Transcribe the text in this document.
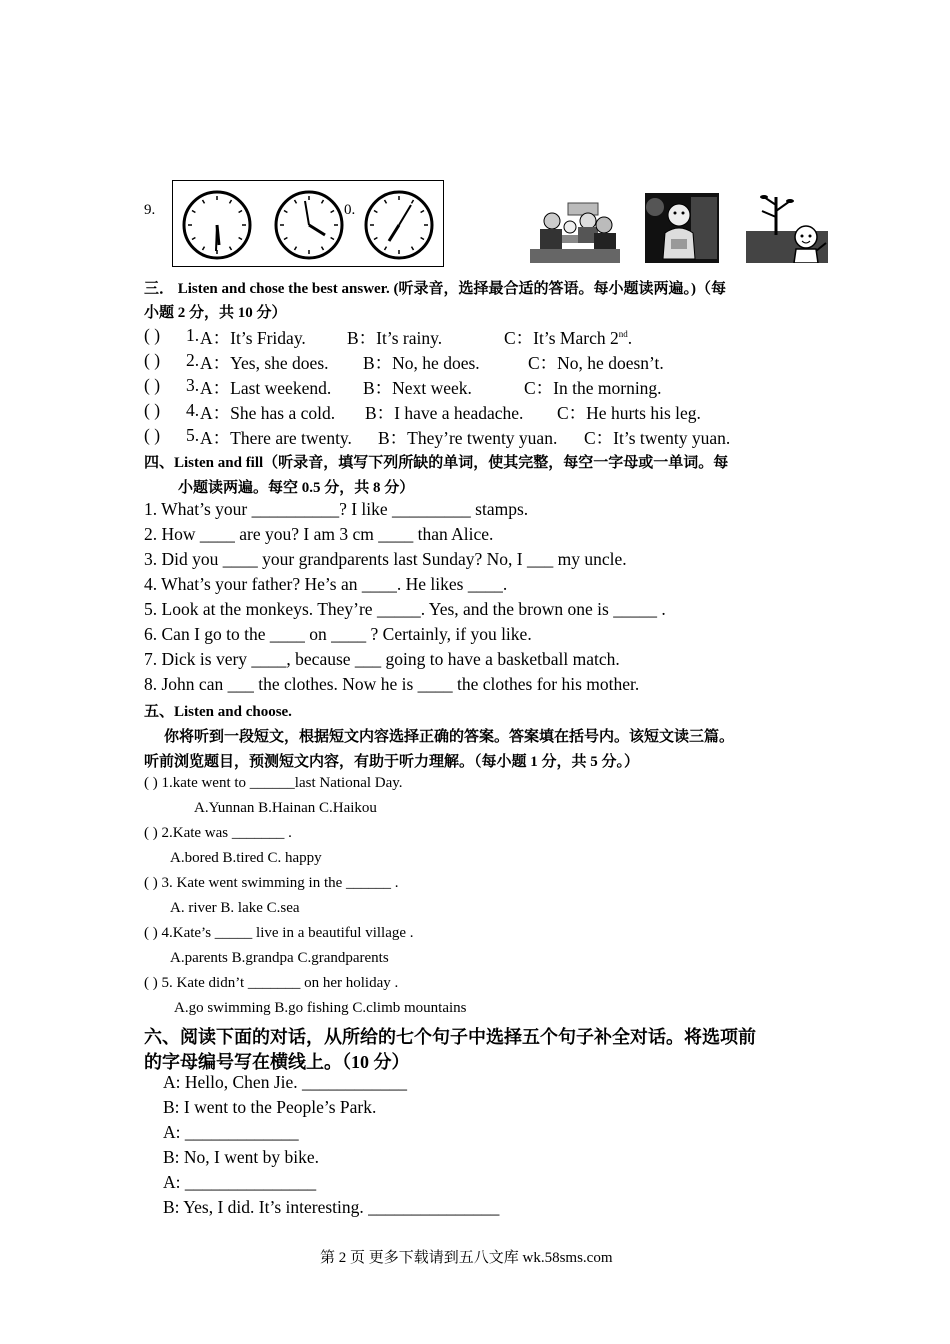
9.	0.
三． Listen and chose the best answer. (听录音，选择最合适的答语。每小题读两遍。)（每
小题 2 分，共 10 分）
( ) 1. A：It’s Friday. B：It’s rainy.	C：It’s March 2nd.
( ) 2. A：Yes, she does. B：No, he does.	C：No, he doesn’t.
( ) 3. A：Last weekend. B：Next week.	C：In the morning.
( ) 4. A：She has a cold. B：I have a headache. C：He hurts his leg.
( ) 5. A：There are twenty. B：They’re twenty yuan. C：It’s twenty yuan.
四、Listen and fill（听录音，填写下列所缺的单词，使其完整，每空一字母或一单词。每
小题读两遍。每空 0.5 分，共 8 分）
1. What’s your __________? I like _________ stamps.
2. How ____ are you? I am 3 cm ____ than Alice.
3. Did you ____ your grandparents last Sunday? No, I ___ my uncle.
4. What’s your father? He’s an ____. He likes ____.
5. Look at the monkeys. They’re _____. Yes, and the brown one is _____ .
6. Can I go to the ____ on ____ ? Certainly, if you like.
7. Dick is very ____, because ___ going to have a basketball match.
8. John can ___ the clothes. Now he is ____ the clothes for his mother.
五、Listen and choose.
你将听到一段短文，根据短文内容选择正确的答案。答案填在括号内。该短文读三篇。
听前浏览题目，预测短文内容，有助于听力理解。（每小题 1 分，共 5 分。）
( ) 1.kate went to ______last National Day.
A.Yunnan B.Hainan C.Haikou
( ) 2.Kate was _______ .
A.bored B.tired C. happy
( ) 3. Kate went swimming in the ______ .
A. river B. lake C.sea
( ) 4.Kate’s _____ live in a beautiful village .
A.parents B.grandpa C.grandparents
( ) 5. Kate didn’t _______ on her holiday .
A.go swimming B.go fishing C.climb mountains
六、阅读下面的对话，从所给的七个句子中选择五个句子补全对话。将选项前
的字母编号写在横线上。（10 分）
A: Hello, Chen Jie. ____________
B: I went to the People’s Park.
A: _____________
B: No, I went by bike.
A: _______________
B: Yes, I did. It’s interesting. _______________
第 2 页 更多下载请到五八文库 wk.58sms.com
